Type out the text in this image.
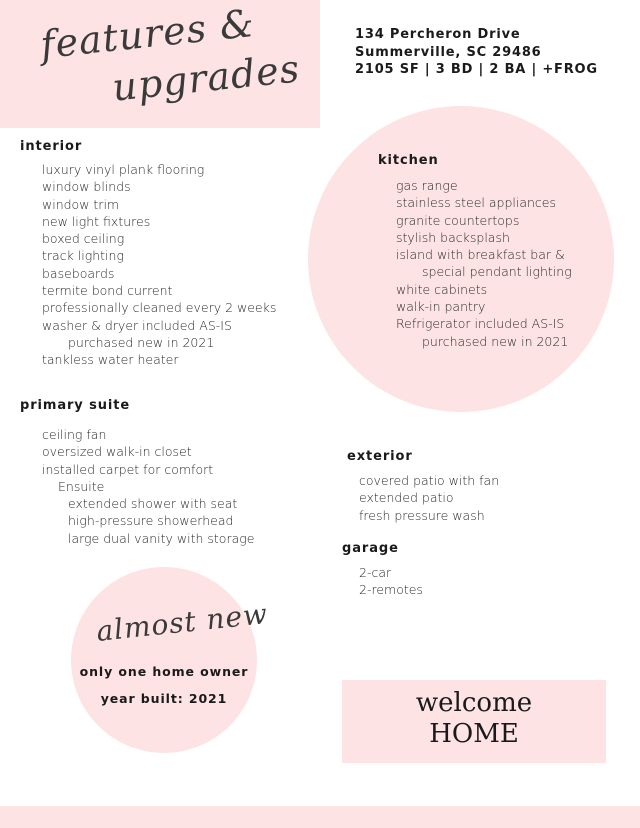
features &
upgrades
134 Percheron Drive
Summerville, SC 29486
2105 SF | 3 BD | 2 BA | +FROG
interior
luxury vinyl plank flooring
window blinds
window trim
new light fixtures
boxed ceiling
track lighting
baseboards
termite bond current
professionally cleaned every 2 weeks
washer & dryer included AS-IS
purchased new in 2021
tankless water heater
kitchen
gas range
stainless steel appliances
granite countertops
stylish backsplash
island with breakfast bar &
special pendant lighting
white cabinets
walk-in pantry
Refrigerator included AS-IS
purchased new in 2021
primary suite
ceiling fan
oversized walk-in closet
installed carpet for comfort
Ensuite
extended shower with seat
high-pressure showerhead
large dual vanity with storage
exterior
covered patio with fan
extended patio
fresh pressure wash
garage
2-car
2-remotes
almost new
only one home owner
year built: 2021	welcome
HOME
